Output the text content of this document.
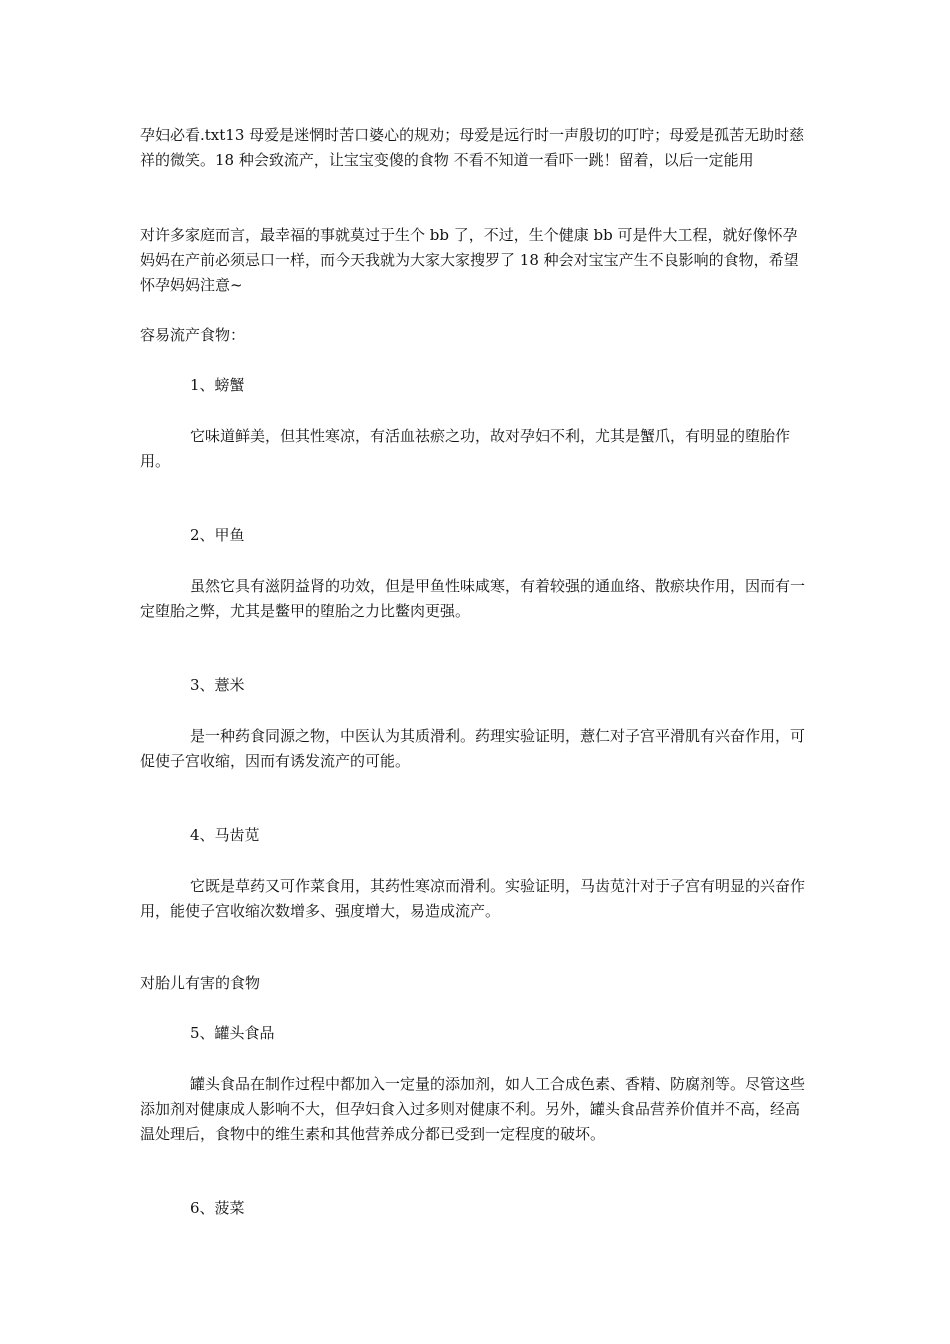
孕妇必看.txt13 母爱是迷惘时苦口婆心的规劝；母爱是远行时一声殷切的叮咛；母爱是孤苦无助时慈祥的微笑。18 种会致流产，让宝宝变傻的食物 不看不知道一看吓一跳！留着，以后一定能用

对许多家庭而言，最幸福的事就莫过于生个 bb 了，不过，生个健康 bb 可是件大工程，就好像怀孕妈妈在产前必须忌口一样，而今天我就为大家大家搜罗了 18 种会对宝宝产生不良影响的食物，希望怀孕妈妈注意~

容易流产食物：

1、螃蟹

它味道鲜美，但其性寒凉，有活血祛瘀之功，故对孕妇不利，尤其是蟹爪，有明显的堕胎作用。

2、甲鱼

虽然它具有滋阴益肾的功效，但是甲鱼性味咸寒，有着较强的通血络、散瘀块作用，因而有一定堕胎之弊，尤其是鳖甲的堕胎之力比鳖肉更强。

3、薏米

是一种药食同源之物，中医认为其质滑利。药理实验证明，薏仁对子宫平滑肌有兴奋作用，可促使子宫收缩，因而有诱发流产的可能。

4、马齿苋

它既是草药又可作菜食用，其药性寒凉而滑利。实验证明，马齿苋汁对于子宫有明显的兴奋作用，能使子宫收缩次数增多、强度增大，易造成流产。

对胎儿有害的食物

5、罐头食品

罐头食品在制作过程中都加入一定量的添加剂，如人工合成色素、香精、防腐剂等。尽管这些添加剂对健康成人影响不大，但孕妇食入过多则对健康不利。另外，罐头食品营养价值并不高，经高温处理后，食物中的维生素和其他营养成分都已受到一定程度的破坏。

6、菠菜
